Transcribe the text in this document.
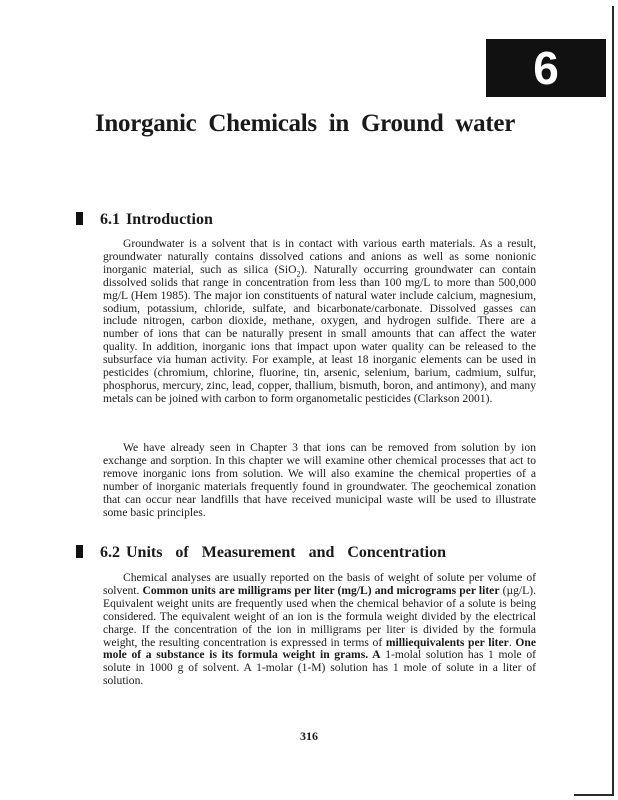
6
Inorganic Chemicals in Ground water
6.1 Introduction

Groundwater is a solvent that is in contact with various earth materials. As a result, groundwater naturally contains dissolved cations and anions as well as some nonionic inorganic material, such as silica (SiO$_2$). Naturally occurring groundwater can contain dissolved solids that range in concentration from less than 100 mg/L to more than 500,000 mg/L (Hem 1985). The major ion constituents of natural water include calcium, magnesium, sodium, potassium, chloride, sulfate, and bicarbonate/carbonate. Dissolved gasses can include nitrogen, carbon dioxide, methane, oxygen, and hydrogen sulfide. There are a number of ions that can be naturally present in small amounts that can affect the water quality. In addition, inorganic ions that impact upon water quality can be released to the subsurface via human activity. For example, at least 18 inorganic elements can be used in pesticides (chromium, chlorine, fluorine, tin, arsenic, selenium, barium, cadmium, sulfur, phosphorus, mercury, zinc, lead, copper, thallium, bismuth, boron, and antimony), and many metals can be joined with carbon to form organometalic pesticides (Clarkson 2001).

We have already seen in Chapter 3 that ions can be removed from solution by ion exchange and sorption. In this chapter we will examine other chemical processes that act to remove inorganic ions from solution. We will also examine the chemical properties of a number of inorganic materials frequently found in groundwater. The geochemical zonation that can occur near landfills that have received municipal waste will be used to illustrate some basic principles.

6.2 Units of Measurement and Concentration

Chemical analyses are usually reported on the basis of weight of solute per volume of solvent. Common units are milligrams per liter (mg/L) and micrograms per liter (µg/L). Equivalent weight units are frequently used when the chemical behavior of a solute is being considered. The equivalent weight of an ion is the formula weight divided by the electrical charge. If the concentration of the ion in milligrams per liter is divided by the formula weight, the resulting concentration is expressed in terms of milliequivalents per liter. One mole of a substance is its formula weight in grams. A 1-molal solution has 1 mole of solute in 1000 g of solvent. A 1-molar (1-M) solution has 1 mole of solute in a liter of solution.

316
